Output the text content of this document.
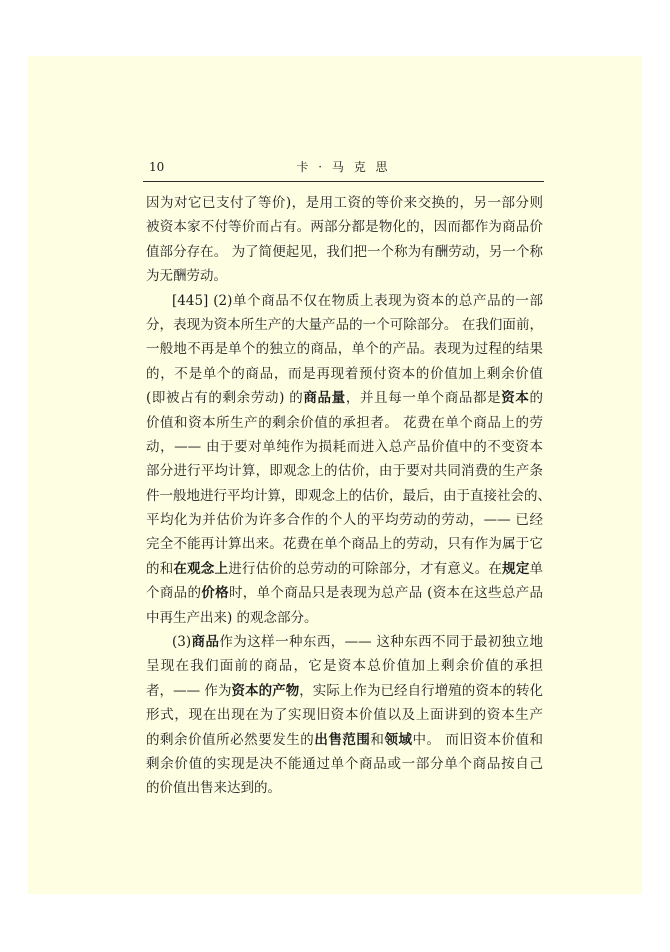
10	卡 · 马 克 思
因为对它已支付了等价)，是用工资的等价来交换的，另一部分则
被资本家不付等价而占有。两部分都是物化的，因而都作为商品价
值部分存在。 为了简便起见，我们把一个称为有酬劳动，另一个称
为无酬劳动。
[445] (2)单个商品不仅在物质上表现为资本的总产品的一部
分，表现为资本所生产的大量产品的一个可除部分。 在我们面前，
一般地不再是单个的独立的商品，单个的产品。表现为过程的结果
的，不是单个的商品，而是再现着预付资本的价值加上剩余价值
(即被占有的剩余劳动) 的商品量，并且每一单个商品都是资本的
价值和资本所生产的剩余价值的承担者。 花费在单个商品上的劳
动，—— 由于要对单纯作为损耗而进入总产品价值中的不变资本
部分进行平均计算，即观念上的估价，由于要对共同消费的生产条
件一般地进行平均计算，即观念上的估价，最后，由于直接社会的、
平均化为并估价为许多合作的个人的平均劳动的劳动，—— 已经
完全不能再计算出来。花费在单个商品上的劳动，只有作为属于它
的和在观念上进行估价的总劳动的可除部分，才有意义。在规定单
个商品的价格时，单个商品只是表现为总产品 (资本在这些总产品
中再生产出来) 的观念部分。
(3)商品作为这样一种东西，—— 这种东西不同于最初独立地
呈现在我们面前的商品，它是资本总价值加上剩余价值的承担
者，—— 作为资本的产物，实际上作为已经自行增殖的资本的转化
形式，现在出现在为了实现旧资本价值以及上面讲到的资本生产
的剩余价值所必然要发生的出售范围和领域中。 而旧资本价值和
剩余价值的实现是决不能通过单个商品或一部分单个商品按自己
的价值出售来达到的。
